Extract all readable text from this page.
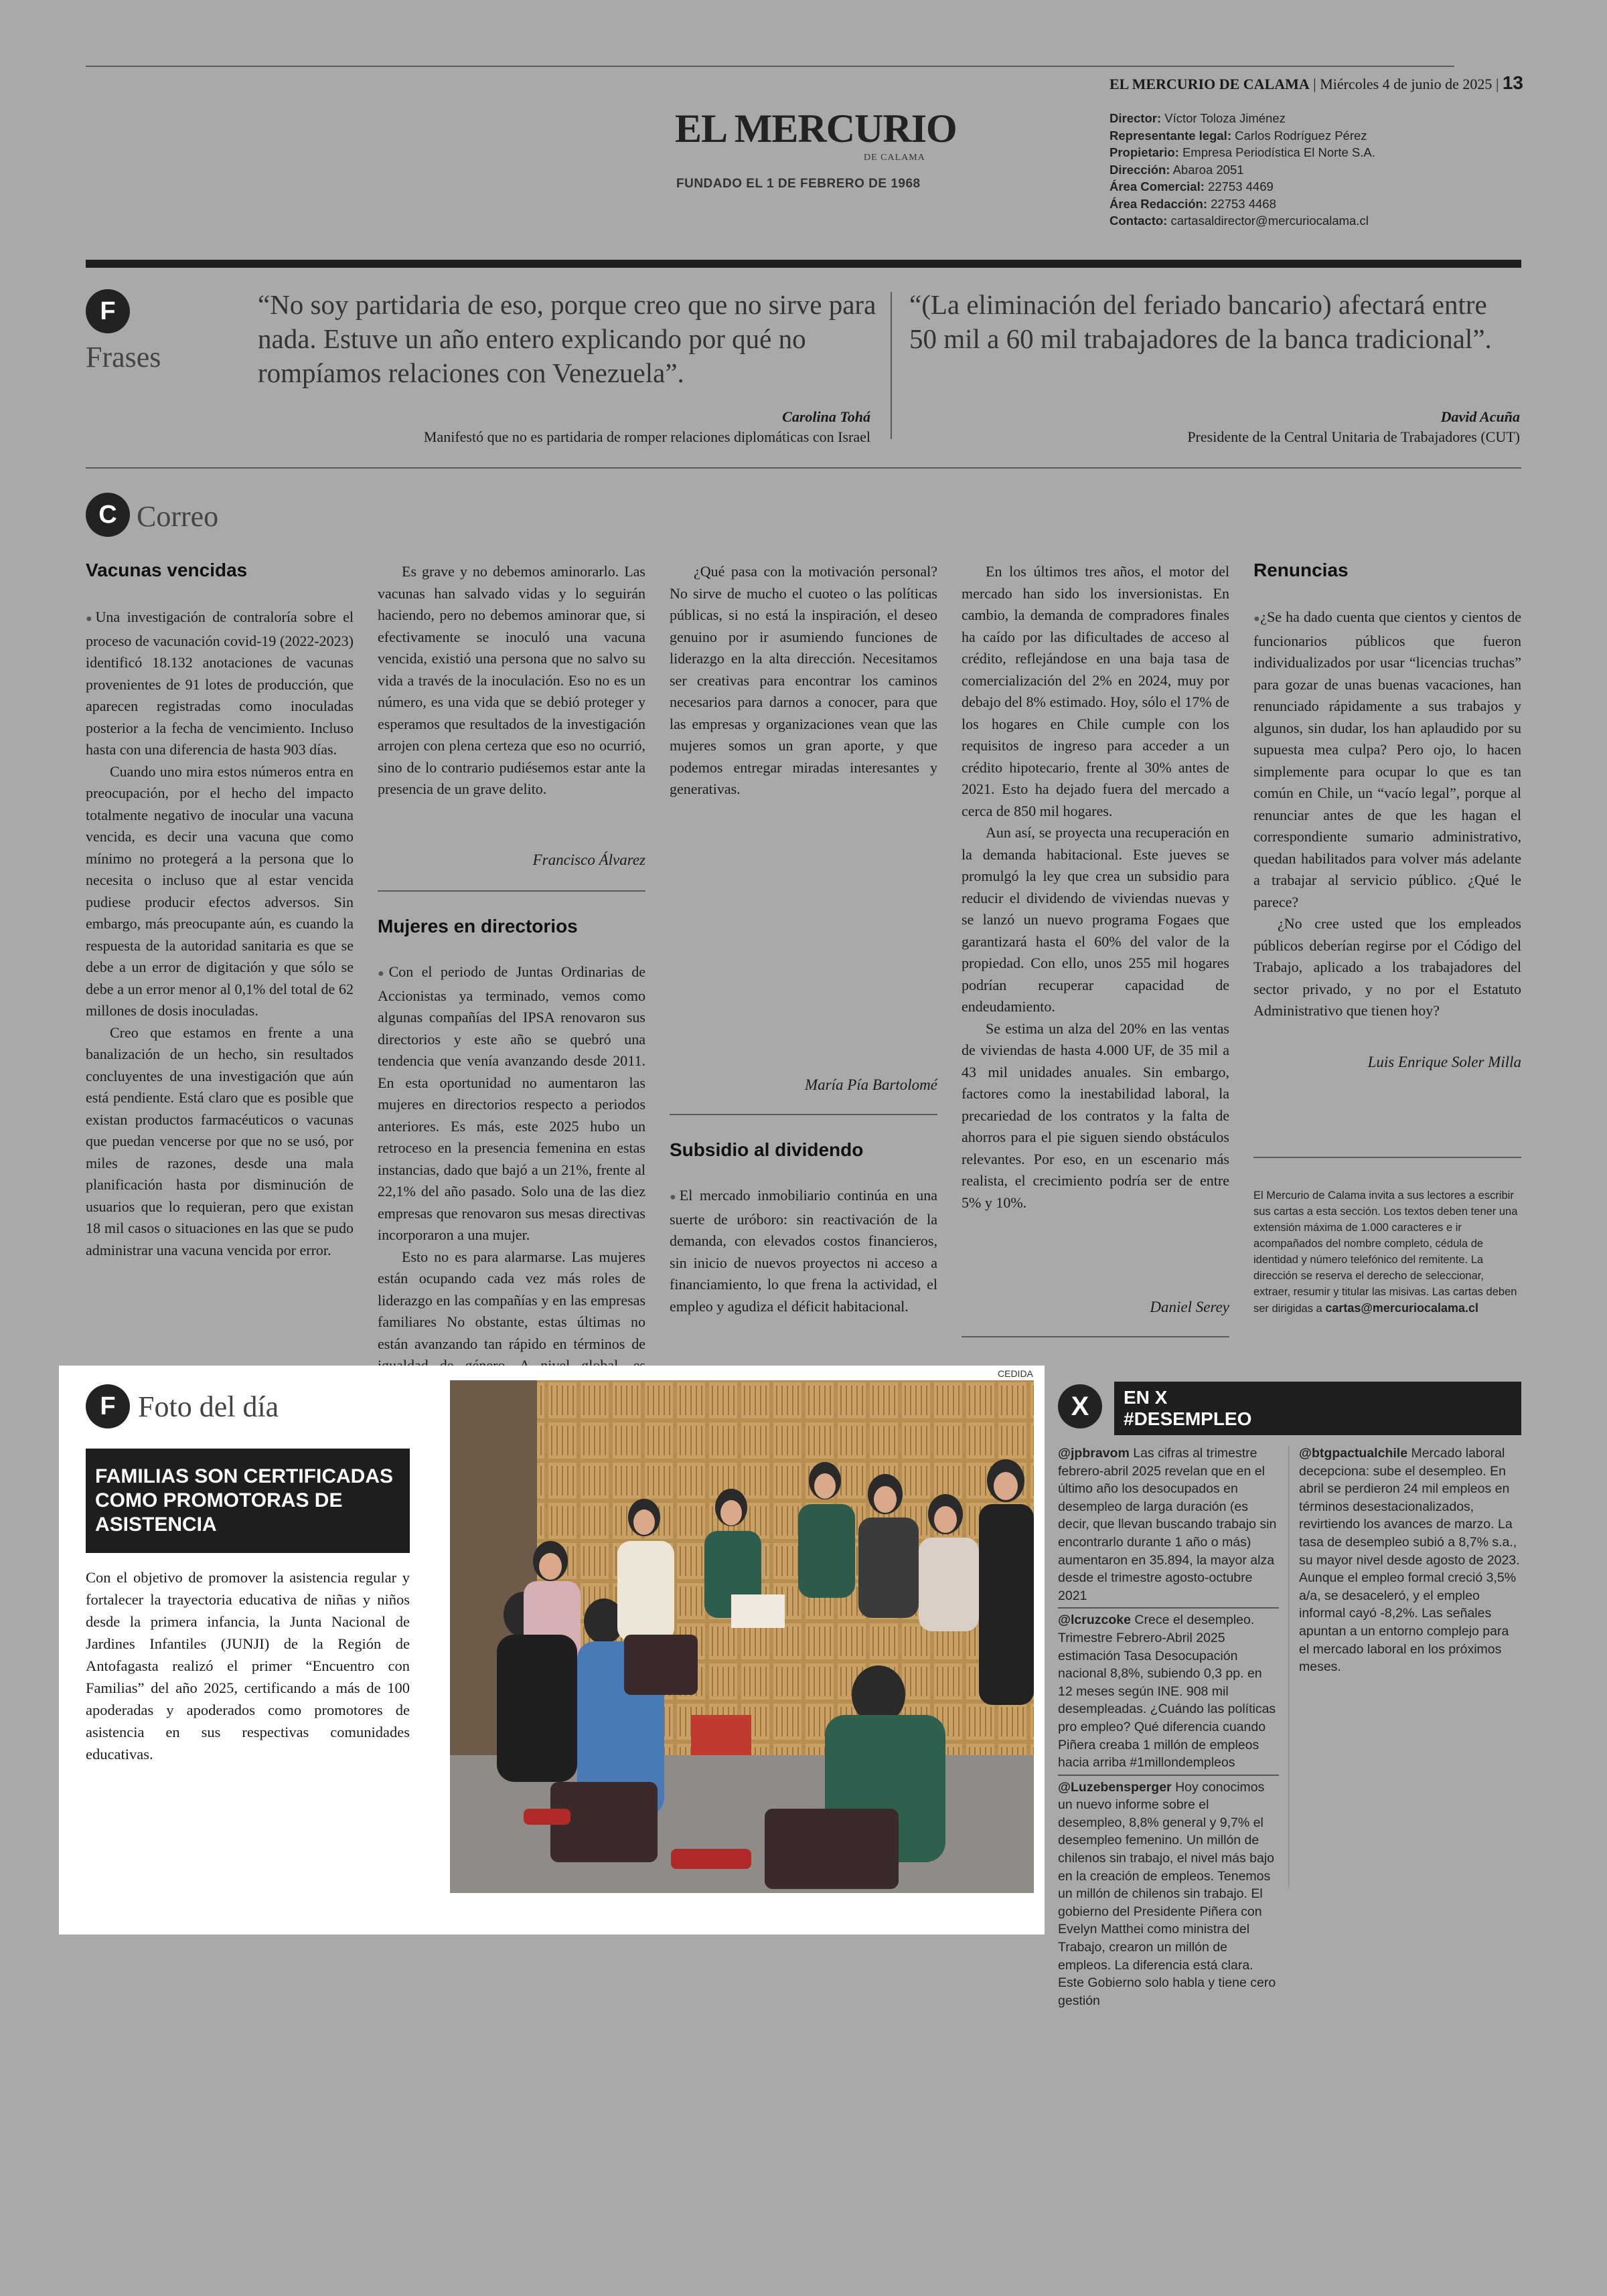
EL MERCURIO DE CALAMA | Miércoles 4 de junio de 2025 | 13
EL MERCURIO
DE CALAMA
FUNDADO EL 1 DE FEBRERO DE 1968
Director: Víctor Toloza Jiménez
Representante legal: Carlos Rodríguez Pérez
Propietario: Empresa Periodística El Norte S.A.
Dirección: Abaroa 2051
Área Comercial: 22753 4469
Área Redacción: 22753 4468
Contacto: cartasaldirector@mercuriocalama.cl
F
Frases
“No soy partidaria de eso, porque creo que no sirve para nada. Estuve un año entero explicando por qué no rompíamos relaciones con Venezuela”.
Carolina Tohá
Manifestó que no es partidaria de romper relaciones diplomáticas con Israel
“(La eliminación del feriado bancario) afectará entre 50 mil a 60 mil trabajadores de la banca tradicional”.
David Acuña
Presidente de la Central Unitaria de Trabajadores (CUT)
C Correo
Vacunas vencidas

●Una investigación de contraloría sobre el proceso de vacunación covid-19 (2022-2023) identificó 18.132 anotaciones de vacunas provenientes de 91 lotes de producción, que aparecen registradas como inoculadas posterior a la fecha de vencimiento. Incluso hasta con una diferencia de hasta 903 días.

Cuando uno mira estos números entra en preocupación, por el hecho del impacto totalmente negativo de inocular una vacuna vencida, es decir una vacuna que como mínimo no protegerá a la persona que lo necesita o incluso que al estar vencida pudiese producir efectos adversos. Sin embargo, más preocupante aún, es cuando la respuesta de la autoridad sanitaria es que se debe a un error de digitación y que sólo se debe a un error menor al 0,1% del total de 62 millones de dosis inoculadas.

Creo que estamos en frente a una banalización de un hecho, sin resultados concluyentes de una investigación que aún está pendiente. Está claro que es posible que existan productos farmacéuticos o vacunas que puedan vencerse por que no se usó, por miles de razones, desde una mala planificación hasta por disminución de usuarios que lo requieran, pero que existan 18 mil casos o situaciones en las que se pudo administrar una vacuna vencida por error.

Es grave y no debemos aminorarlo. Las vacunas han salvado vidas y lo seguirán haciendo, pero no debemos aminorar que, si efectivamente se inoculó una vacuna vencida, existió una persona que no salvo su vida a través de la inoculación. Eso no es un número, es una vida que se debió proteger y esperamos que resultados de la investigación arrojen con plena certeza que eso no ocurrió, sino de lo contrario pudiésemos estar ante la presencia de un grave delito.

Francisco Álvarez
Mujeres en directorios

●Con el periodo de Juntas Ordinarias de Accionistas ya terminado, vemos como algunas compañías del IPSA renovaron sus directorios y este año se quebró una tendencia que venía avanzando desde 2011. En esta oportunidad no aumentaron las mujeres en directorios respecto a periodos anteriores. Es más, este 2025 hubo un retroceso en la presencia femenina en estas instancias, dado que bajó a un 21%, frente al 22,1% del año pasado. Solo una de las diez empresas que renovaron sus mesas directivas incorporaron a una mujer.

Esto no es para alarmarse. Las mujeres están ocupando cada vez más roles de liderazgo en las compañías y en las empresas familiares No obstante, estas últimas no están avanzando tan rápido en términos de

¿Qué pasa con la motivación personal? No sirve de mucho el cuoteo o las políticas públicas, si no está la inspiración, el deseo genuino por ir asumiendo funciones de liderazgo en la alta dirección. Necesitamos ser creativas para encontrar los caminos necesarios para darnos a conocer, para que las empresas y organizaciones vean que las mujeres somos un gran aporte, y que podemos entregar miradas interesantes y generativas.

María Pía Bartolomé
Subsidio al dividendo

●El mercado inmobiliario continúa en una suerte de uróboro: sin reactivación de la demanda, con elevados costos financieros, sin inicio de nuevos proyectos ni acceso a financiamiento, lo que frena la actividad, el empleo y agudiza el déficit habitacional.

En los últimos tres años, el motor del mercado han sido los inversionistas. En cambio, la demanda de compradores finales ha caído por las dificultades de acceso al crédito, reflejándose en una baja tasa de comercialización del 2% en 2024, muy por debajo del 8% estimado. Hoy, sólo el 17% de los hogares en Chile cumple con los requisitos de ingreso para acceder a un crédito hipotecario, frente al 30% antes de 2021. Esto ha dejado fuera del mercado a cerca de 850 mil hogares.

Aun así, se proyecta una recuperación en la demanda habitacional. Este jueves se promulgó la ley que crea un subsidio para reducir el dividendo de viviendas nuevas y se lanzó un nuevo programa Fogaes que garantizará hasta el 60% del valor de la propiedad. Con ello, unos 255 mil hogares podrían recuperar capacidad de endeudamiento.

Se estima un alza del 20% en las ventas de viviendas de hasta 4.000 UF, de 35 mil a 43 mil unidades anuales. Sin embargo, factores como la inestabilidad laboral, la precariedad de los contratos y la falta de ahorros para el pie siguen siendo obstáculos relevantes. Por eso, en un escenario más realista, el crecimiento podría ser de entre 5% y 10%.

Daniel Serey
Renuncias

●¿Se ha dado cuenta que cientos y cientos de funcionarios públicos que fueron individualizados por usar “licencias truchas” para gozar de unas buenas vacaciones, han renunciado rápidamente a sus trabajos y algunos, sin dudar, los han aplaudido por su supuesta mea culpa? Pero ojo, lo hacen simplemente para ocupar lo que es tan común en Chile, un “vacío legal”, porque al renunciar antes de que les hagan el correspondiente sumario administrativo, quedan habilitados para volver más adelante a trabajar al servicio público. ¿Qué le parece?

¿No cree usted que los empleados públicos deberían regirse por el Código del Trabajo, aplicado a los trabajadores del sector privado, y no por el Estatuto Administrativo que tienen hoy?

Luis Enrique Soler Milla
El Mercurio de Calama invita a sus lectores a escribir sus cartas a esta sección. Los textos deben tener una extensión máxima de 1.000 caracteres e ir acompañados del nombre completo, cédula de identidad y número telefónico del remitente. La dirección se reserva el derecho de seleccionar, extraer, resumir y titular las misivas. Las cartas deben ser dirigidas a cartas@mercuriocalama.cl
F Foto del día
FAMILIAS SON CERTIFICADAS COMO PROMOTORAS DE ASISTENCIA
Con el objetivo de promover la asistencia regular y fortalecer la trayectoria educativa de niñas y niños desde la primera infancia, la Junta Nacional de Jardines Infantiles (JUNJI) de la Región de Antofagasta realizó el primer “Encuentro con Familias” del año 2025, certificando a más de 100 apoderadas y apoderados como promotores de asistencia en sus respectivas comunidades educativas.
CEDIDA
X	EN X
#DESEMPLEO

@jpbravom Las cifras al trimestre febrero-abril 2025 revelan que en el último año los desocupados en desempleo de larga duración (es decir, que llevan buscando trabajo sin encontrarlo durante 1 año o más) aumentaron en 35.894, la mayor alza desde el trimestre agosto-octubre 2021

@lcruzcoke Crece el desempleo. Trimestre Febrero-Abril 2025 estimación Tasa Desocupación nacional 8,8%, subiendo 0,3 pp. en 12 meses según INE. 908 mil desempleadas. ¿Cuándo las políticas pro empleo? Qué diferencia cuando Piñera creaba 1 millón de empleos hacia arriba #1millondempleos

@Luzebensperger Hoy conocimos un nuevo informe sobre el desempleo, 8,8% general y 9,7% el desempleo femenino. Un millón de chilenos sin trabajo, el nivel más bajo en la creación de empleos. Tenemos un millón de chilenos sin trabajo. El gobierno del Presidente Piñera con Evelyn Matthei como ministra del Trabajo, crearon un millón de empleos. La diferencia está clara. Este Gobierno solo habla y tiene cero gestión

@btgpactualchile Mercado laboral decepciona: sube el desempleo. En abril se perdieron 24 mil empleos en términos desestacionalizados, revirtiendo los avances de marzo. La tasa de desempleo subió a 8,7% s.a., su mayor nivel desde agosto de 2023. Aunque el empleo formal creció 3,5% a/a, se desaceleró, y el empleo informal cayó -8,2%. Las señales apuntan a un entorno complejo para el mercado laboral en los próximos meses.
